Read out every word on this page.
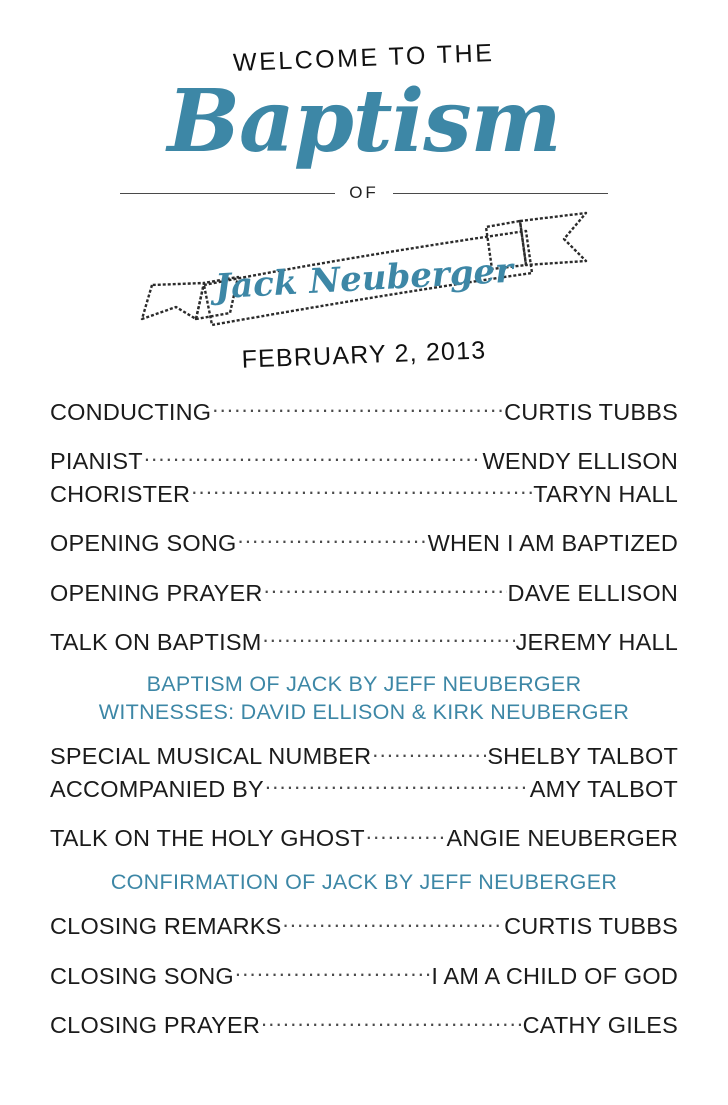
WELCOME TO THE
Baptism
OF
Jack Neuberger
FEBRUARY 2, 2013
CONDUCTING .....	CURTIS TUBBS
PIANIST .....	WENDY ELLISON
CHORISTER .....	TARYN HALL
OPENING SONG .....	WHEN I AM BAPTIZED
OPENING PRAYER .....	DAVE ELLISON
TALK ON BAPTISM .....	JEREMY HALL
BAPTISM OF JACK BY JEFF NEUBERGER
WITNESSES: DAVID ELLISON & KIRK NEUBERGER
SPECIAL MUSICAL NUMBER .....	SHELBY TALBOT
ACCOMPANIED BY .....	AMY TALBOT
TALK ON THE HOLY GHOST .....	ANGIE NEUBERGER
CONFIRMATION OF JACK BY JEFF NEUBERGER
CLOSING REMARKS .....	CURTIS TUBBS
CLOSING SONG .....	I AM A CHILD OF GOD
CLOSING PRAYER .....	CATHY GILES
